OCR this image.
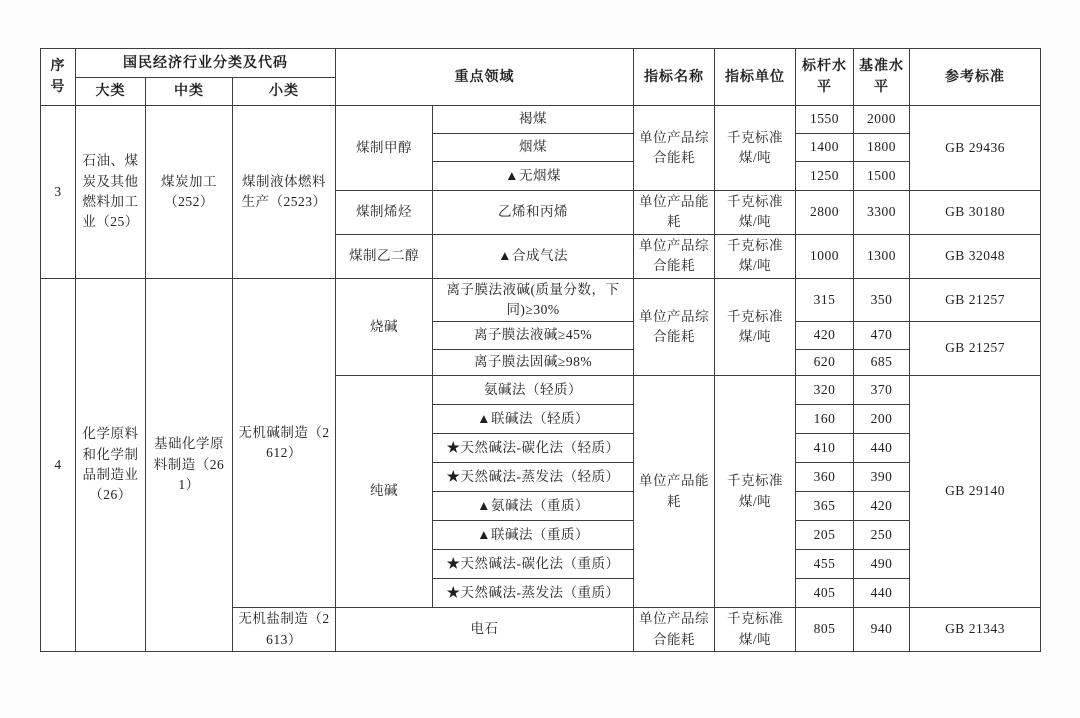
序号	国民经济行业分类及代码			重点领域		指标名称	指标单位	标杆水平	基准水平	参考标准
	大类	中类	小类							
3	石油、煤炭及其他燃料加工业（25）	煤炭加工（252）	煤制液体燃料生产（2523）	煤制甲醇	褐煤	单位产品综合能耗	千克标准煤/吨	1550	2000	GB 29436
					烟煤			1400	1800	
					▲无烟煤			1250	1500	
				煤制烯烃	乙烯和丙烯	单位产品能耗	千克标准煤/吨	2800	3300	GB 30180
				煤制乙二醇	▲合成气法	单位产品综合能耗	千克标准煤/吨	1000	1300	GB 32048
4	化学原料和化学制品制造业（26）	基础化学原料制造（261）	无机碱制造（2612）	烧碱	离子膜法液碱(质量分数，下同)≥30%	单位产品综合能耗	千克标准煤/吨	315	350	GB 21257
					离子膜法液碱≥45%			420	470	GB 21257
					离子膜法固碱≥98%			620	685	
				纯碱	氨碱法（轻质）	单位产品能耗	千克标准煤/吨	320	370	GB 29140
					▲联碱法（轻质）			160	200	
					★天然碱法-碳化法（轻质）			410	440	
					★天然碱法-蒸发法（轻质）			360	390	
					▲氨碱法（重质）			365	420	
					▲联碱法（重质）			205	250	
					★天然碱法-碳化法（重质）			455	490	
					★天然碱法-蒸发法（重质）			405	440	
			无机盐制造（2613）	电石		单位产品综合能耗	千克标准煤/吨	805	940	GB 21343
